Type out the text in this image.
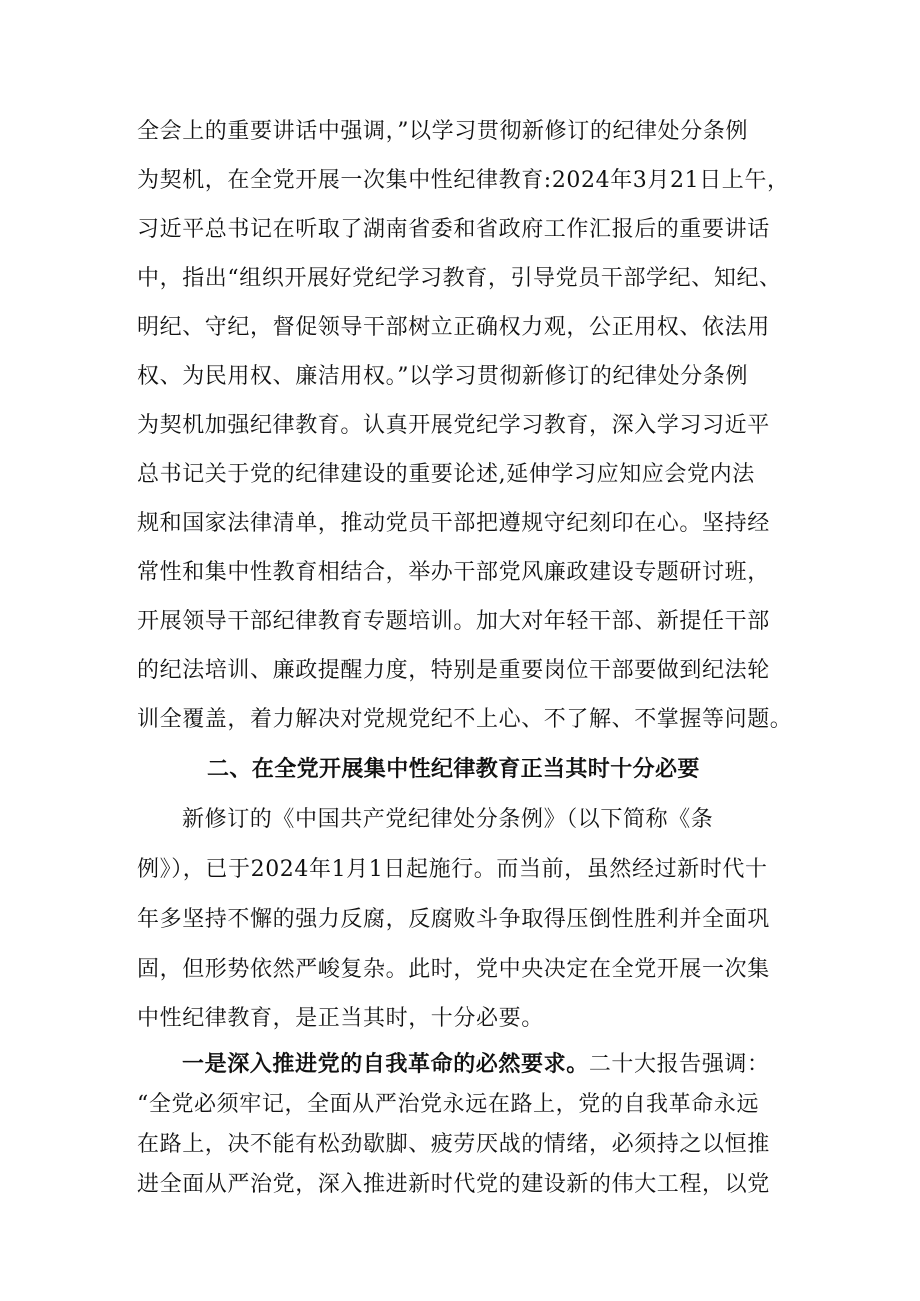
全会上的重要讲话中强调，”以学习贯彻新修订的纪律处分条例
为契机，在全党开展一次集中性纪律教育:2024年3月21日上午，
习近平总书记在听取了湖南省委和省政府工作汇报后的重要讲话
中，指出“组织开展好党纪学习教育，引导党员干部学纪、知纪、
明纪、守纪，督促领导干部树立正确权力观，公正用权、依法用
权、为民用权、廉洁用权。”以学习贯彻新修订的纪律处分条例
为契机加强纪律教育。认真开展党纪学习教育，深入学习习近平
总书记关于党的纪律建设的重要论述,延伸学习应知应会党内法
规和国家法律清单，推动党员干部把遵规守纪刻印在心。坚持经
常性和集中性教育相结合，举办干部党风廉政建设专题研讨班，
开展领导干部纪律教育专题培训。加大对年轻干部、新提任干部
的纪法培训、廉政提醒力度，特别是重要岗位干部要做到纪法轮
训全覆盖，着力解决对党规党纪不上心、不了解、不掌握等问题。
二、在全党开展集中性纪律教育正当其时十分必要
新修订的《中国共产党纪律处分条例》（以下简称《条
例》），已于2024年1月1日起施行。而当前，虽然经过新时代十
年多坚持不懈的强力反腐，反腐败斗争取得压倒性胜利并全面巩
固，但形势依然严峻复杂。此时，党中央决定在全党开展一次集
中性纪律教育，是正当其时，十分必要。
一是深入推进党的自我革命的必然要求。二十大报告强调：
“全党必须牢记，全面从严治党永远在路上，党的自我革命永远
在路上，决不能有松劲歇脚、疲劳厌战的情绪，必须持之以恒推
进全面从严治党，深入推进新时代党的建设新的伟大工程，以党
